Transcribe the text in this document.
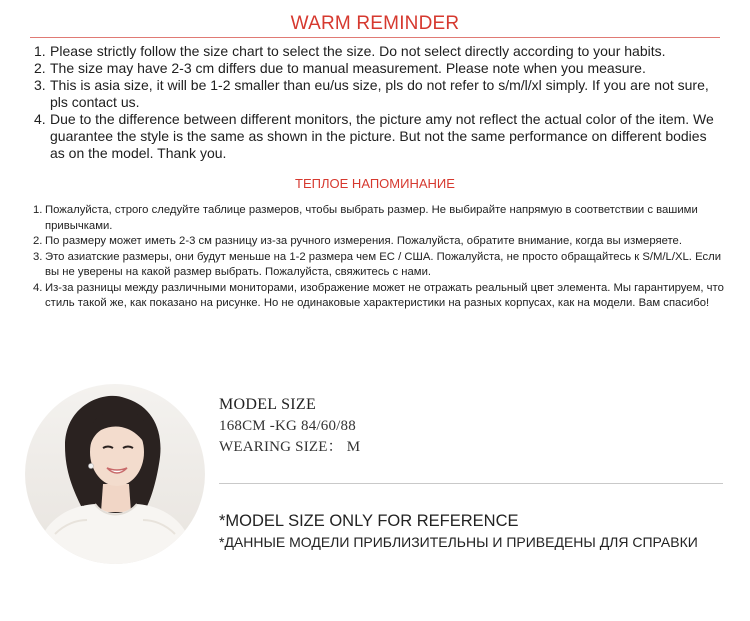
WARM REMINDER
1. Please strictly follow the size chart to select the size. Do not select directly according to your habits.
2. The size may have 2-3 cm differs due to manual measurement. Please note when you measure.
3. This is asia size, it will be 1-2 smaller than eu/us size, pls do not refer to s/m/l/xl simply. If you are not sure, pls contact us.
4. Due to the difference between different monitors, the picture amy not reflect the actual color of the item. We guarantee the style is the same as shown in the picture. But not the same performance on different bodies as on the model. Thank you.
ТЕПЛОЕ НАПОМИНАНИЕ
1. Пожалуйста, строго следуйте таблице размеров, чтобы выбрать размер. Не выбирайте напрямую в соответствии с вашими привычками.
2. По размеру может иметь 2-3 см разницу из-за ручного измерения. Пожалуйста, обратите внимание, когда вы измеряете.
3. Это азиатские размеры, они будут меньше на 1-2 размера чем EC / США. Пожалуйста, не просто обращайтесь к S/M/L/XL. Если вы не уверены на какой размер выбрать. Пожалуйста, свяжитесь с нами.
4. Из-за разницы между различными мониторами, изображение может не отражать реальный цвет элемента. Мы гарантируем, что стиль такой же, как показано на рисунке. Но не одинаковые характеристики на разных корпусах, как на модели. Вам спасибо!
MODEL SIZE
168CM -KG 84/60/88
WEARING SIZE： M
*MODEL SIZE ONLY FOR REFERENCE
*ДАННЫЕ МОДЕЛИ ПРИБЛИЗИТЕЛЬНЫ И ПРИВЕДЕНЫ ДЛЯ СПРАВКИ
